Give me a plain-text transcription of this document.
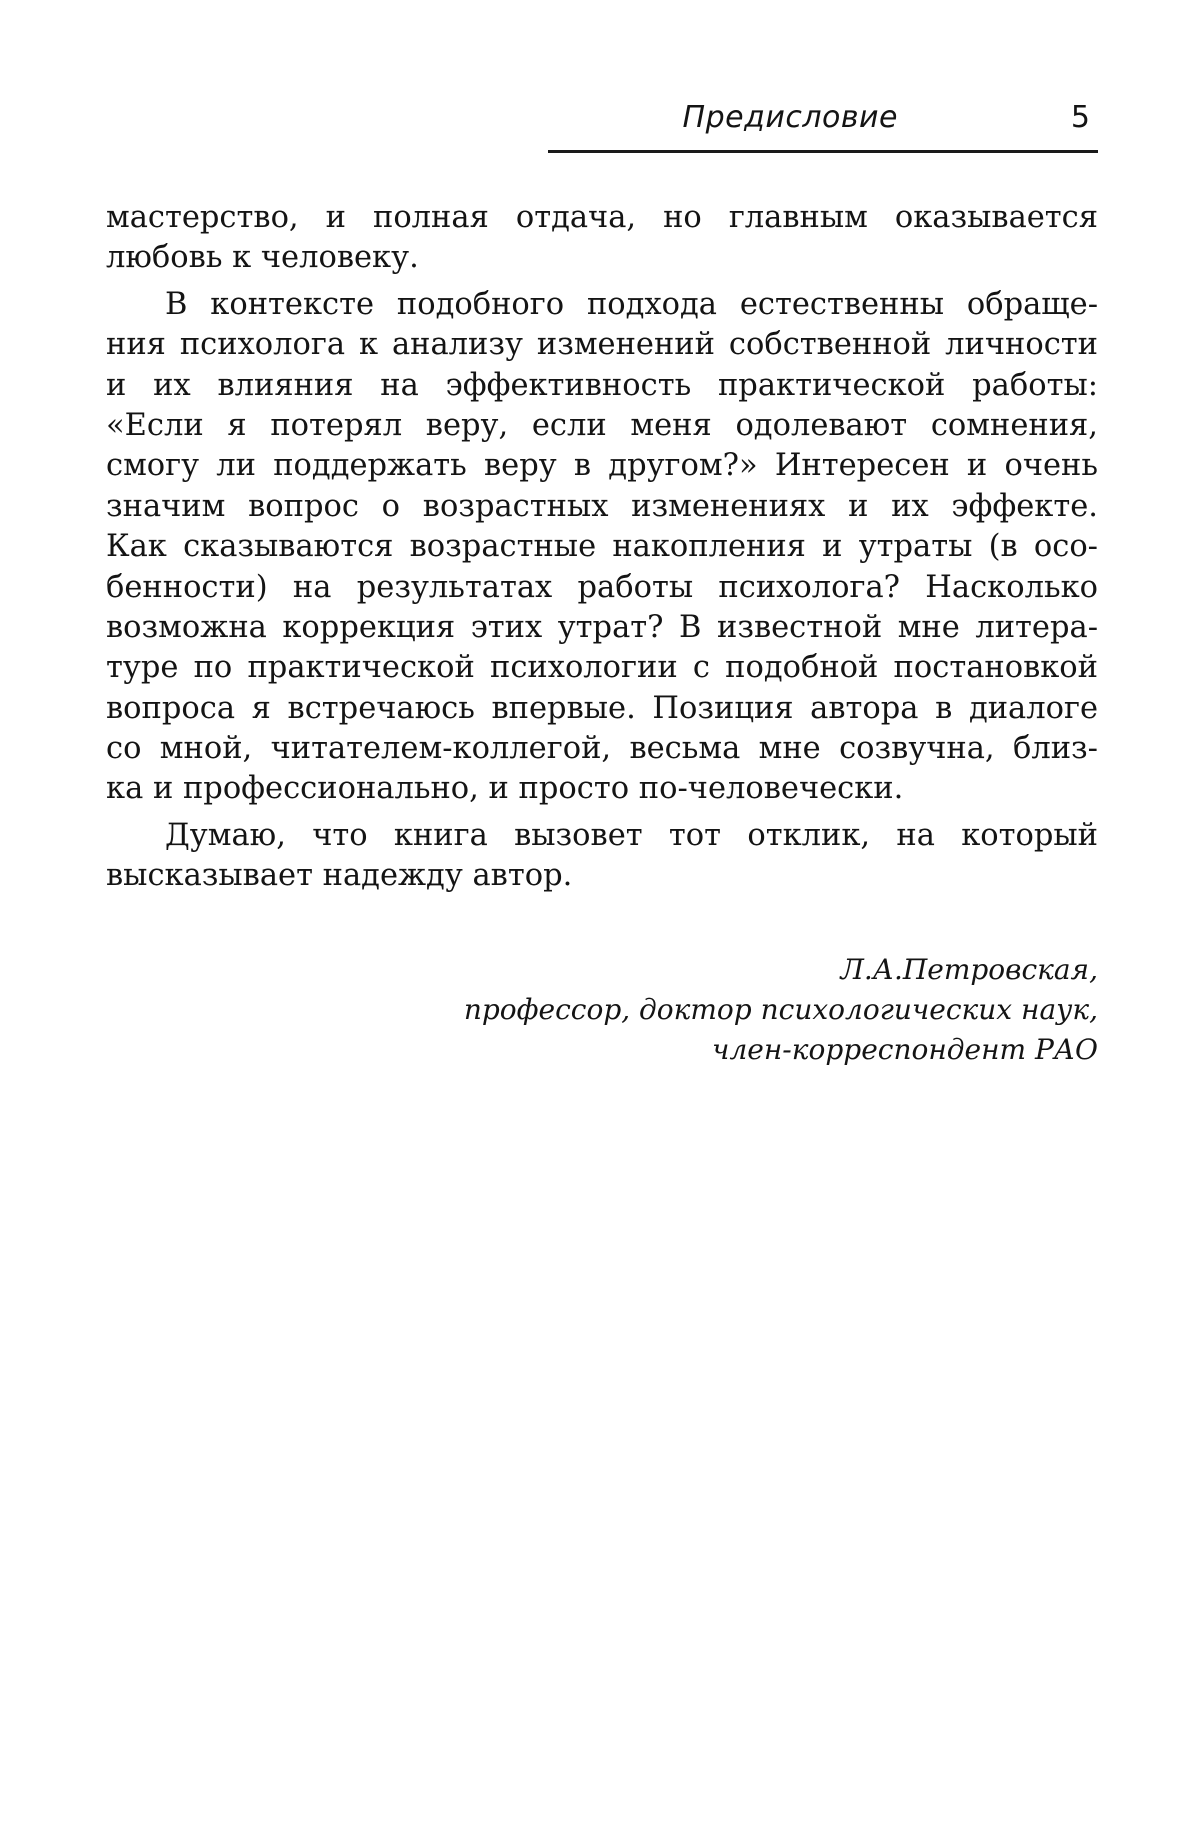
Предисловие	5
мастерство, и полная отдача, но главным оказывается
любовь к человеку.
В контексте подобного подхода естественны обраще-
ния психолога к анализу изменений собственной личности
и их влияния на эффективность практической работы:
«Если я потерял веру, если меня одолевают сомнения,
смогу ли поддержать веру в другом?» Интересен и очень
значим вопрос о возрастных изменениях и их эффекте.
Как сказываются возрастные накопления и утраты (в осо-
бенности) на результатах работы психолога? Насколько
возможна коррекция этих утрат? В известной мне литера-
туре по практической психологии с подобной постановкой
вопроса я встречаюсь впервые. Позиция автора в диалоге
со мной, читателем-коллегой, весьма мне созвучна, близ-
ка и профессионально, и просто по-человечески.
Думаю, что книга вызовет тот отклик, на который
высказывает надежду автор.
Л.А.Петровская,
профессор, доктор психологических наук,
член-корреспондент РАО
